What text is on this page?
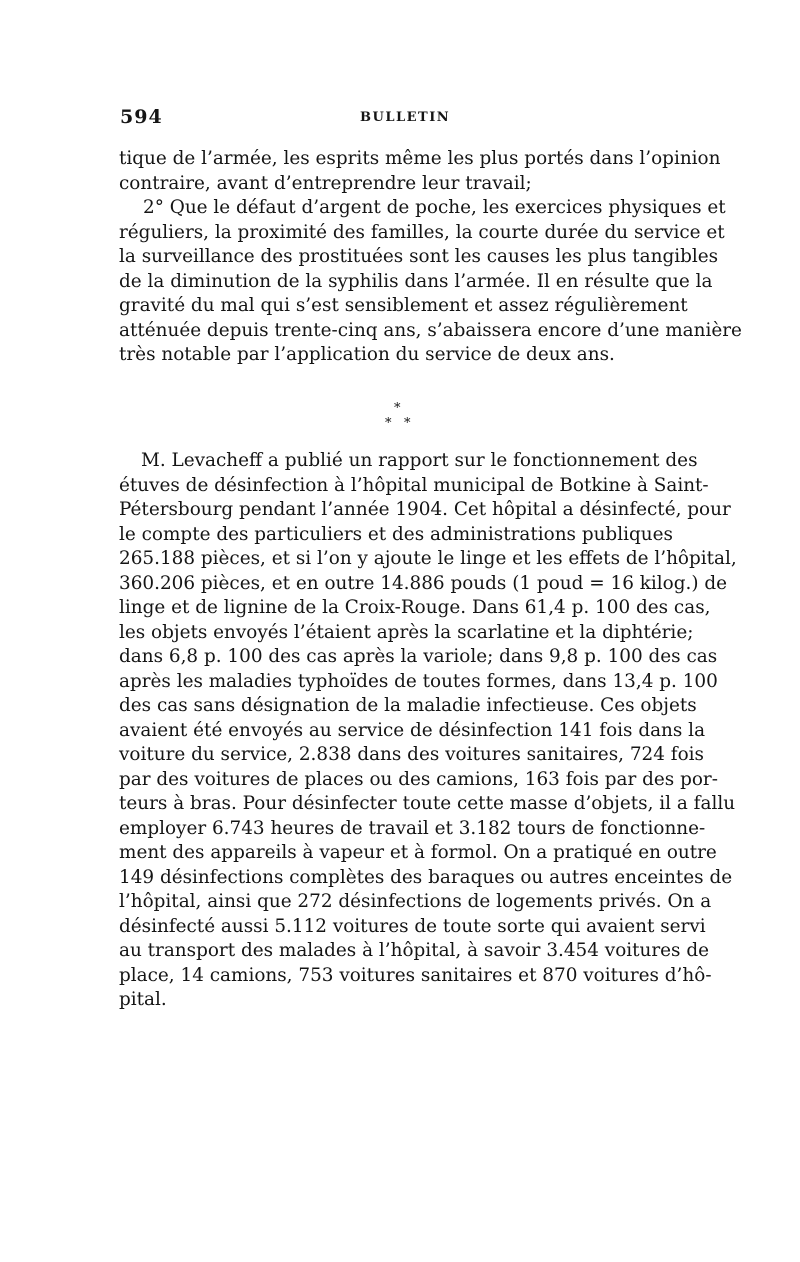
594	BULLETIN
tique de l’armée, les esprits même les plus portés dans l’opinion
contraire, avant d’entreprendre leur travail;
2° Que le défaut d’argent de poche, les exercices physiques et
réguliers, la proximité des familles, la courte durée du service et
la surveillance des prostituées sont les causes les plus tangibles
de la diminution de la syphilis dans l’armée. Il en résulte que la
gravité du mal qui s’est sensiblement et assez régulièrement
atténuée depuis trente-cinq ans, s’abaissera encore d’une manière
très notable par l’application du service de deux ans.
*
* *
M. Levacheff a publié un rapport sur le fonctionnement des
étuves de désinfection à l’hôpital municipal de Botkine à Saint-
Pétersbourg pendant l’année 1904. Cet hôpital a désinfecté, pour
le compte des particuliers et des administrations publiques
265.188 pièces, et si l’on y ajoute le linge et les effets de l’hôpital,
360.206 pièces, et en outre 14.886 pouds (1 poud = 16 kilog.) de
linge et de lignine de la Croix-Rouge. Dans 61,4 p. 100 des cas,
les objets envoyés l’étaient après la scarlatine et la diphtérie;
dans 6,8 p. 100 des cas après la variole; dans 9,8 p. 100 des cas
après les maladies typhoïdes de toutes formes, dans 13,4 p. 100
des cas sans désignation de la maladie infectieuse. Ces objets
avaient été envoyés au service de désinfection 141 fois dans la
voiture du service, 2.838 dans des voitures sanitaires, 724 fois
par des voitures de places ou des camions, 163 fois par des por-
teurs à bras. Pour désinfecter toute cette masse d’objets, il a fallu
employer 6.743 heures de travail et 3.182 tours de fonctionne-
ment des appareils à vapeur et à formol. On a pratiqué en outre
149 désinfections complètes des baraques ou autres enceintes de
l’hôpital, ainsi que 272 désinfections de logements privés. On a
désinfecté aussi 5.112 voitures de toute sorte qui avaient servi
au transport des malades à l’hôpital, à savoir 3.454 voitures de
place, 14 camions, 753 voitures sanitaires et 870 voitures d’hô-
pital.
